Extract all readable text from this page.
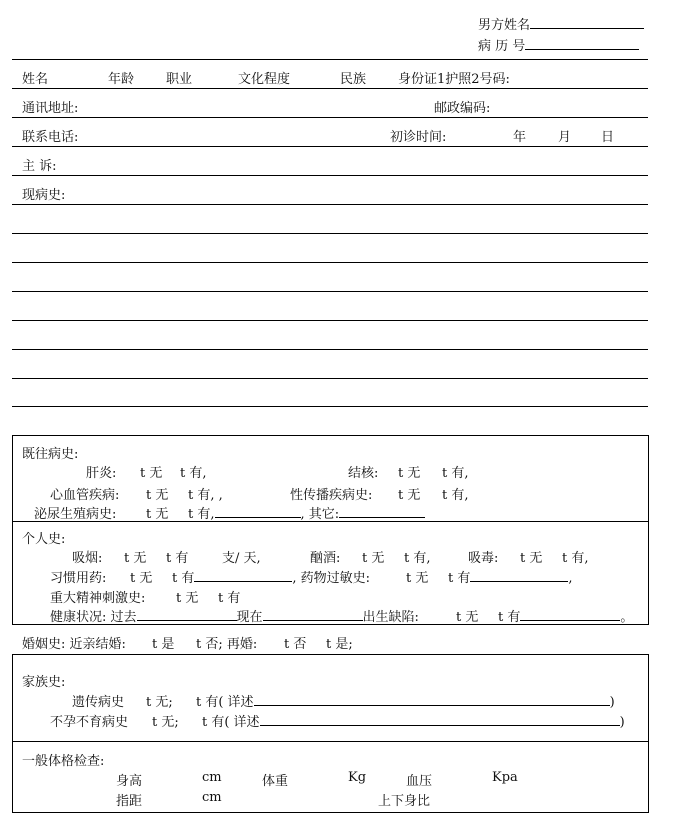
男方姓名
病 历 号
姓名	年龄 职业	文化程度	民族 身份证1护照2号码:
通讯地址:	邮政编码:
联系电话:	初诊时间:	年 月 日
主 诉:
现病史:
既往病史:
肝炎: t 无 t 有,	结核: t 无 t 有,
心血管疾病: t 无 t 有, ,	性传播疾病史: t 无 t 有,
泌尿生殖病史: t 无 t 有,	, 其它:
个人史:
吸烟: t 无 t 有	支/ 天,	酗酒: t 无 t 有,	吸毒: t 无 t 有,
习惯用药: t 无 t 有	, 药物过敏史:	t 无 t 有	,
重大精神刺激史: t 无 t 有
健康状况: 过去	现在	出生缺陷:	t 无 t 有	。
婚姻史: 近亲结婚: t 是 t 否; 再婚: t 否 t 是;
家族史:
遗传病史 t 无; t 有( 详述	)
不孕不育病史 t 无; t 有( 详述	)
一般体格检查:
身高	cm	体重	Kg	血压	Kpa
指距	cm	上下身比
